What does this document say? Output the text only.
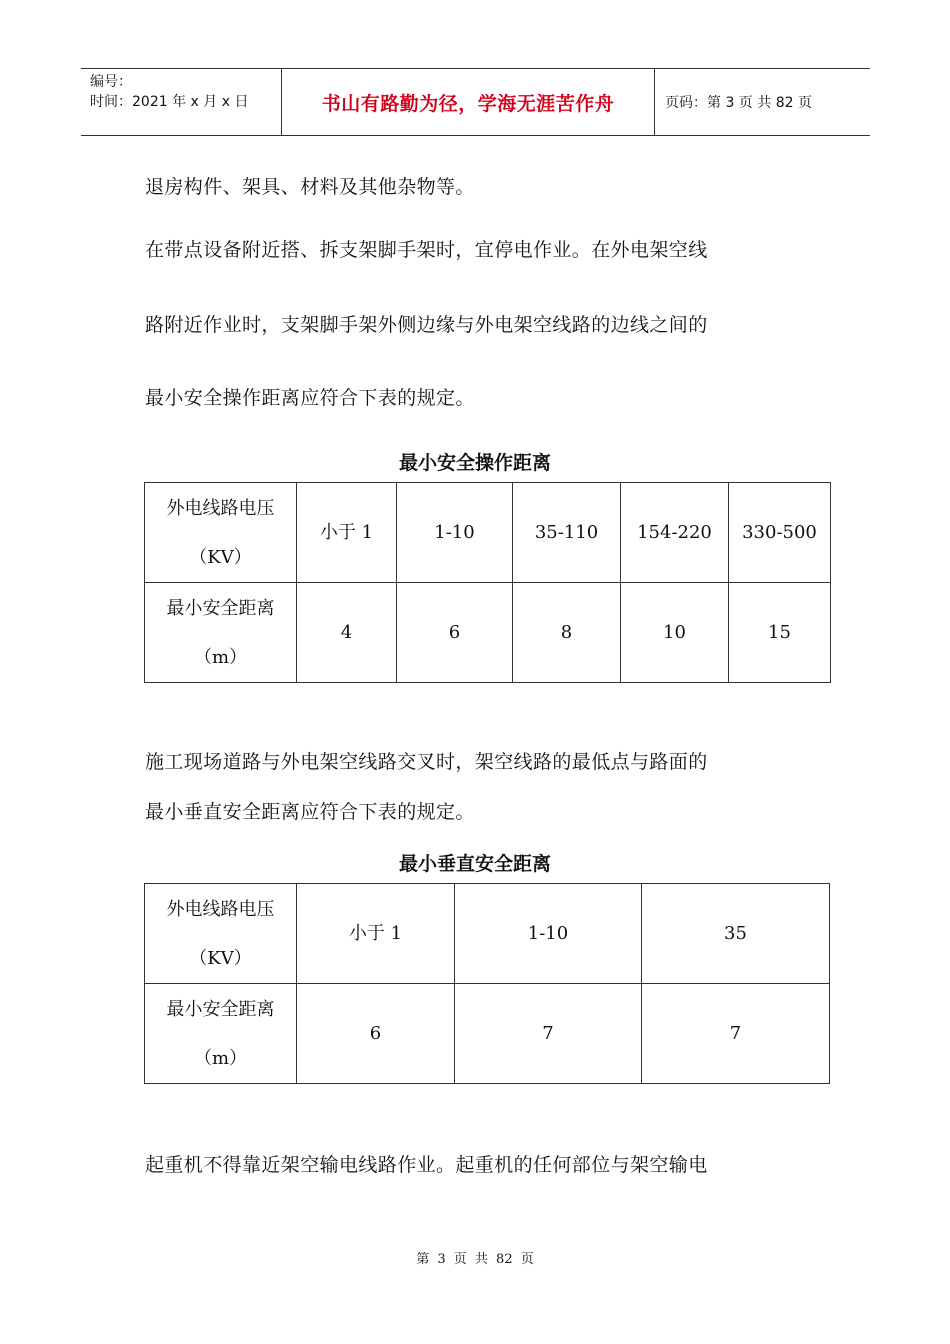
编号：
时间：2021 年 x 月 x 日	书山有路勤为径，学海无涯苦作舟	页码：第 3 页 共 82 页

退房构件、架具、材料及其他杂物等。

在带点设备附近搭、拆支架脚手架时，宜停电作业。在外电架空线

路附近作业时，支架脚手架外侧边缘与外电架空线路的边线之间的

最小安全操作距离应符合下表的规定。

最小安全操作距离

外电线路电压
（KV）	小于 1	1-10	35-110	154-220	330-500

最小安全距离
（m）	4	6	8	10	15

施工现场道路与外电架空线路交叉时，架空线路的最低点与路面的

最小垂直安全距离应符合下表的规定。

最小垂直安全距离

外电线路电压
（KV）	小于 1	1-10	35

最小安全距离
（m）	6	7	7

起重机不得靠近架空输电线路作业。起重机的任何部位与架空输电

第 3 页 共 82 页
